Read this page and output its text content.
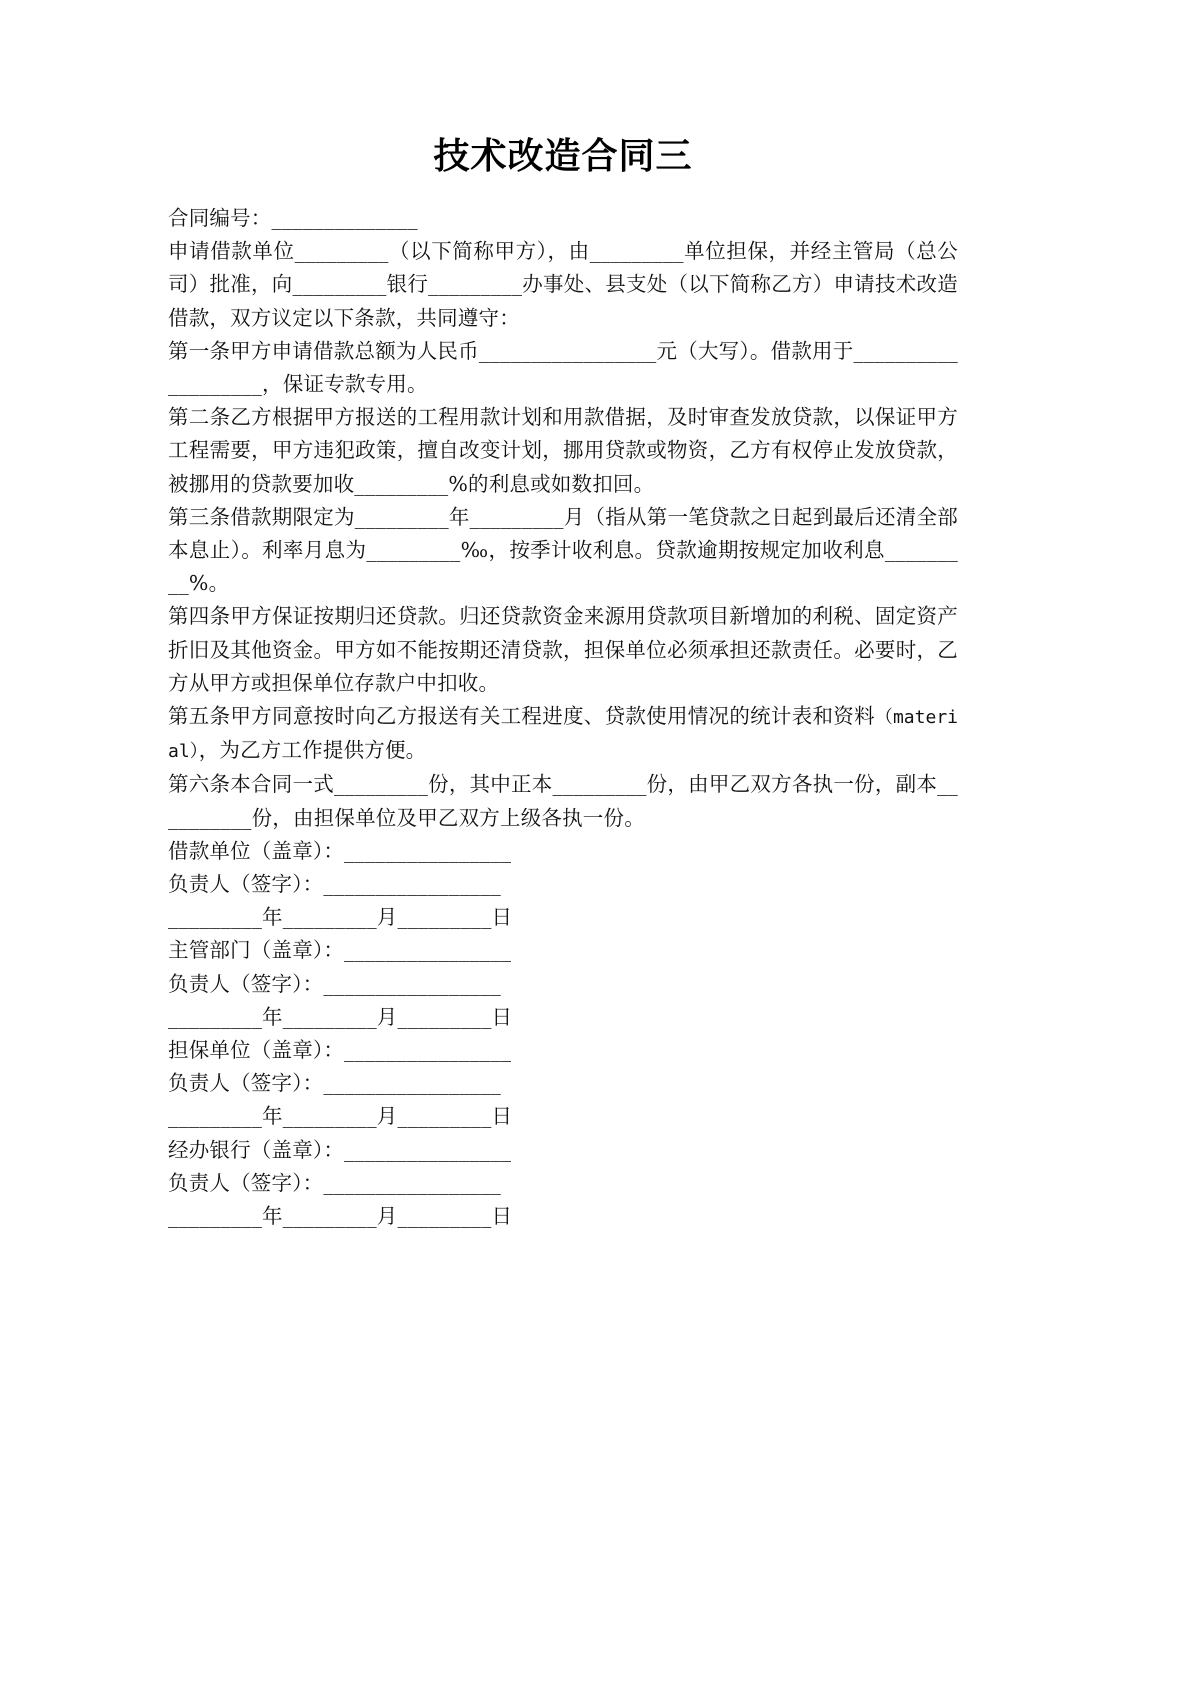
技术改造合同三

合同编号：______________

申请借款单位_________（以下简称甲方），由_________单位担保，并经主管局（总公司）批准，向_________银行_________办事处、县支处（以下简称乙方）申请技术改造借款，双方议定以下条款，共同遵守：

第一条甲方申请借款总额为人民币_________________元（大写）。借款用于___________________，保证专款专用。

第二条乙方根据甲方报送的工程用款计划和用款借据，及时审查发放贷款，以保证甲方工程需要，甲方违犯政策，擅自改变计划，挪用贷款或物资，乙方有权停止发放贷款，被挪用的贷款要加收_________%的利息或如数扣回。

第三条借款期限定为_________年_________月（指从第一笔贷款之日起到最后还清全部本息止）。利率月息为_________‰，按季计收利息。贷款逾期按规定加收利息_________%。

第四条甲方保证按期归还贷款。归还贷款资金来源用贷款项目新增加的利税、固定资产折旧及其他资金。甲方如不能按期还清贷款，担保单位必须承担还款责任。必要时，乙方从甲方或担保单位存款户中扣收。

第五条甲方同意按时向乙方报送有关工程进度、贷款使用情况的统计表和资料（material），为乙方工作提供方便。

第六条本合同一式_________份，其中正本_________份，由甲乙双方各执一份，副本__________份，由担保单位及甲乙双方上级各执一份。

借款单位（盖章）：________________

负责人（签字）：_________________

_________年_________月_________日

主管部门（盖章）：________________

负责人（签字）：_________________

_________年_________月_________日

担保单位（盖章）：________________

负责人（签字）：_________________

_________年_________月_________日

经办银行（盖章）：________________

负责人（签字）：_________________

_________年_________月_________日
